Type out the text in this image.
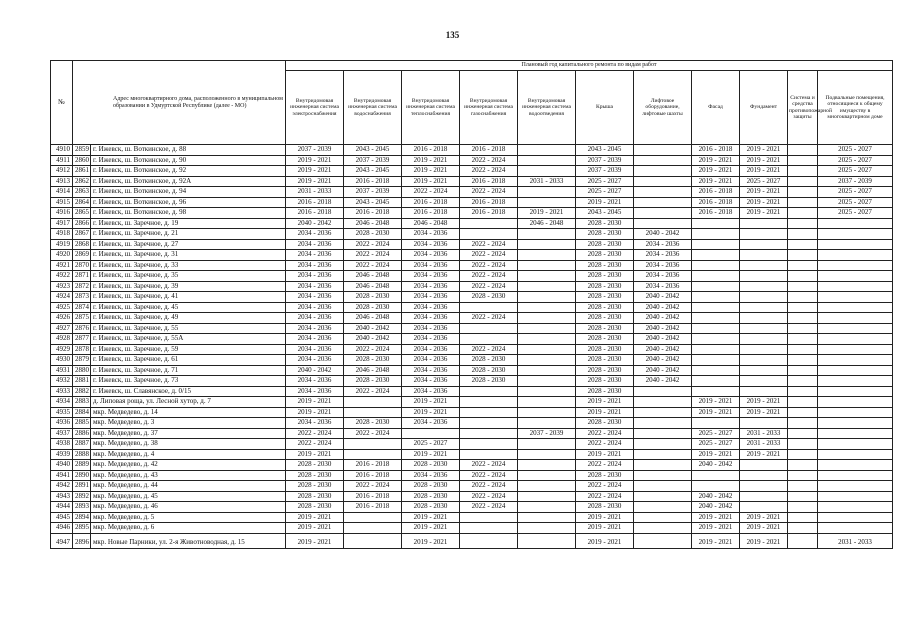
135
№	Адрес многоквартирного дома, расположенного в муниципальном образовании в Удмуртской Республике (далее - МО)		Плановый год капитального ремонта по видам работ										
			Внутридомовая инженерная система электроснабжения	Внутридомовая инженерная система водоснабжения	Внутридомовая инженерная система теплоснабжения	Внутридомовая инженерная система газоснабжения	Внутридомовая инженерная система водоотведения	Крыша	Лифтовое оборудование, лифтовые шахты	Фасад	Фундамент	Система и средства противопожарной защиты	Подвальные помещения, относящиеся к общему имуществу в многоквартирном доме
4910	2859	г. Ижевск, ш. Воткинское, д. 88	2037 - 2039	2043 - 2045	2016 - 2018	2016 - 2018		2043 - 2045		2016 - 2018	2019 - 2021		2025 - 2027
4911	2860	г. Ижевск, ш. Воткинское, д. 90	2019 - 2021	2037 - 2039	2019 - 2021	2022 - 2024		2037 - 2039		2019 - 2021	2019 - 2021		2025 - 2027
4912	2861	г. Ижевск, ш. Воткинское, д. 92	2019 - 2021	2043 - 2045	2019 - 2021	2022 - 2024		2037 - 2039		2019 - 2021	2019 - 2021		2025 - 2027
4913	2862	г. Ижевск, ш. Воткинское, д. 92А	2019 - 2021	2016 - 2018	2019 - 2021	2016 - 2018	2031 - 2033	2025 - 2027		2019 - 2021	2025 - 2027		2037 - 2039
4914	2863	г. Ижевск, ш. Воткинское, д. 94	2031 - 2033	2037 - 2039	2022 - 2024	2022 - 2024		2025 - 2027		2016 - 2018	2019 - 2021		2025 - 2027
4915	2864	г. Ижевск, ш. Воткинское, д. 96	2016 - 2018	2043 - 2045	2016 - 2018	2016 - 2018		2019 - 2021		2016 - 2018	2019 - 2021		2025 - 2027
4916	2865	г. Ижевск, ш. Воткинское, д. 98	2016 - 2018	2016 - 2018	2016 - 2018	2016 - 2018	2019 - 2021	2043 - 2045		2016 - 2018	2019 - 2021		2025 - 2027
4917	2866	г. Ижевск, ш. Заречное, д. 19	2040 - 2042	2046 - 2048	2046 - 2048		2046 - 2048	2028 - 2030					
4918	2867	г. Ижевск, ш. Заречное, д. 21	2034 - 2036	2028 - 2030	2034 - 2036			2028 - 2030	2040 - 2042				
4919	2868	г. Ижевск, ш. Заречное, д. 27	2034 - 2036	2022 - 2024	2034 - 2036	2022 - 2024		2028 - 2030	2034 - 2036				
4920	2869	г. Ижевск, ш. Заречное, д. 31	2034 - 2036	2022 - 2024	2034 - 2036	2022 - 2024		2028 - 2030	2034 - 2036				
4921	2870	г. Ижевск, ш. Заречное, д. 33	2034 - 2036	2022 - 2024	2034 - 2036	2022 - 2024		2028 - 2030	2034 - 2036				
4922	2871	г. Ижевск, ш. Заречное, д. 35	2034 - 2036	2046 - 2048	2034 - 2036	2022 - 2024		2028 - 2030	2034 - 2036				
4923	2872	г. Ижевск, ш. Заречное, д. 39	2034 - 2036	2046 - 2048	2034 - 2036	2022 - 2024		2028 - 2030	2034 - 2036				
4924	2873	г. Ижевск, ш. Заречное, д. 41	2034 - 2036	2028 - 2030	2034 - 2036	2028 - 2030		2028 - 2030	2040 - 2042				
4925	2874	г. Ижевск, ш. Заречное, д. 45	2034 - 2036	2028 - 2030	2034 - 2036			2028 - 2030	2040 - 2042				
4926	2875	г. Ижевск, ш. Заречное, д. 49	2034 - 2036	2046 - 2048	2034 - 2036	2022 - 2024		2028 - 2030	2040 - 2042				
4927	2876	г. Ижевск, ш. Заречное, д. 55	2034 - 2036	2040 - 2042	2034 - 2036			2028 - 2030	2040 - 2042				
4928	2877	г. Ижевск, ш. Заречное, д. 55А	2034 - 2036	2040 - 2042	2034 - 2036			2028 - 2030	2040 - 2042				
4929	2878	г. Ижевск, ш. Заречное, д. 59	2034 - 2036	2022 - 2024	2034 - 2036	2022 - 2024		2028 - 2030	2040 - 2042				
4930	2879	г. Ижевск, ш. Заречное, д. 61	2034 - 2036	2028 - 2030	2034 - 2036	2028 - 2030		2028 - 2030	2040 - 2042				
4931	2880	г. Ижевск, ш. Заречное, д. 71	2040 - 2042	2046 - 2048	2034 - 2036	2028 - 2030		2028 - 2030	2040 - 2042				
4932	2881	г. Ижевск, ш. Заречное, д. 73	2034 - 2036	2028 - 2030	2034 - 2036	2028 - 2030		2028 - 2030	2040 - 2042				
4933	2882	г. Ижевск, ш. Славянское, д. 0/15	2034 - 2036	2022 - 2024	2034 - 2036			2028 - 2030					
4934	2883	д. Липовая роща, ул. Лесной хутор, д. 7	2019 - 2021		2019 - 2021			2019 - 2021		2019 - 2021	2019 - 2021		
4935	2884	мкр. Медведево, д. 14	2019 - 2021		2019 - 2021			2019 - 2021		2019 - 2021	2019 - 2021		
4936	2885	мкр. Медведево, д. 3	2034 - 2036	2028 - 2030	2034 - 2036			2028 - 2030					
4937	2886	мкр. Медведево, д. 37	2022 - 2024	2022 - 2024			2037 - 2039	2022 - 2024		2025 - 2027	2031 - 2033		
4938	2887	мкр. Медведево, д. 38	2022 - 2024		2025 - 2027			2022 - 2024		2025 - 2027	2031 - 2033		
4939	2888	мкр. Медведево, д. 4	2019 - 2021		2019 - 2021			2019 - 2021		2019 - 2021	2019 - 2021		
4940	2889	мкр. Медведево, д. 42	2028 - 2030	2016 - 2018	2028 - 2030	2022 - 2024		2022 - 2024		2040 - 2042			
4941	2890	мкр. Медведево, д. 43	2028 - 2030	2016 - 2018	2034 - 2036	2022 - 2024		2028 - 2030					
4942	2891	мкр. Медведево, д. 44	2028 - 2030	2022 - 2024	2028 - 2030	2022 - 2024		2022 - 2024					
4943	2892	мкр. Медведево, д. 45	2028 - 2030	2016 - 2018	2028 - 2030	2022 - 2024		2022 - 2024		2040 - 2042			
4944	2893	мкр. Медведево, д. 46	2028 - 2030	2016 - 2018	2028 - 2030	2022 - 2024		2028 - 2030		2040 - 2042			
4945	2894	мкр. Медведево, д. 5	2019 - 2021		2019 - 2021			2019 - 2021		2019 - 2021	2019 - 2021		
4946	2895	мкр. Медведево, д. 6	2019 - 2021		2019 - 2021			2019 - 2021		2019 - 2021	2019 - 2021		
4947	2896	мкр. Новые Парники, ул. 2-я Животноводная, д. 15	2019 - 2021		2019 - 2021			2019 - 2021		2019 - 2021	2019 - 2021		2031 - 2033
